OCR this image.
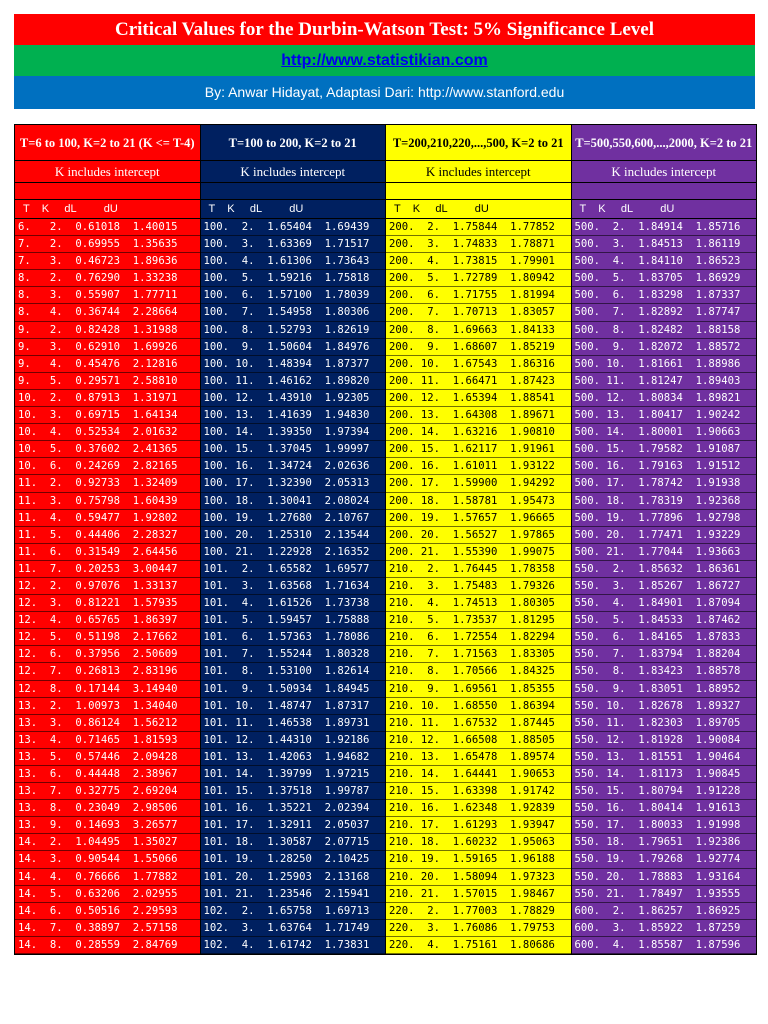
Critical Values for the Durbin-Watson Test: 5% Significance Level
http://www.statistikian.com
By: Anwar Hidayat, Adaptasi Dari: http://www.stanford.edu
T=6 to 100, K=2 to 21 (K <= T-4)
K includes intercept
T    K     dL         dU
6.   2.  0.61018  1.40015
7.   2.  0.69955  1.35635
7.   3.  0.46723  1.89636
8.   2.  0.76290  1.33238
8.   3.  0.55907  1.77711
8.   4.  0.36744  2.28664
9.   2.  0.82428  1.31988
9.   3.  0.62910  1.69926
9.   4.  0.45476  2.12816
9.   5.  0.29571  2.58810
10.  2.  0.87913  1.31971
10.  3.  0.69715  1.64134
10.  4.  0.52534  2.01632
10.  5.  0.37602  2.41365
10.  6.  0.24269  2.82165
11.  2.  0.92733  1.32409
11.  3.  0.75798  1.60439
11.  4.  0.59477  1.92802
11.  5.  0.44406  2.28327
11.  6.  0.31549  2.64456
11.  7.  0.20253  3.00447
12.  2.  0.97076  1.33137
12.  3.  0.81221  1.57935
12.  4.  0.65765  1.86397
12.  5.  0.51198  2.17662
12.  6.  0.37956  2.50609
12.  7.  0.26813  2.83196
12.  8.  0.17144  3.14940
13.  2.  1.00973  1.34040
13.  3.  0.86124  1.56212
13.  4.  0.71465  1.81593
13.  5.  0.57446  2.09428
13.  6.  0.44448  2.38967
13.  7.  0.32775  2.69204
13.  8.  0.23049  2.98506
13.  9.  0.14693  3.26577
14.  2.  1.04495  1.35027
14.  3.  0.90544  1.55066
14.  4.  0.76666  1.77882
14.  5.  0.63206  2.02955
14.  6.  0.50516  2.29593
14.  7.  0.38897  2.57158
14.  8.  0.28559  2.84769
T=100 to 200, K=2 to 21
K includes intercept
T    K     dL         dU
100.  2.  1.65404  1.69439
100.  3.  1.63369  1.71517
100.  4.  1.61306  1.73643
100.  5.  1.59216  1.75818
100.  6.  1.57100  1.78039
100.  7.  1.54958  1.80306
100.  8.  1.52793  1.82619
100.  9.  1.50604  1.84976
100. 10.  1.48394  1.87377
100. 11.  1.46162  1.89820
100. 12.  1.43910  1.92305
100. 13.  1.41639  1.94830
100. 14.  1.39350  1.97394
100. 15.  1.37045  1.99997
100. 16.  1.34724  2.02636
100. 17.  1.32390  2.05313
100. 18.  1.30041  2.08024
100. 19.  1.27680  2.10767
100. 20.  1.25310  2.13544
100. 21.  1.22928  2.16352
101.  2.  1.65582  1.69577
101.  3.  1.63568  1.71634
101.  4.  1.61526  1.73738
101.  5.  1.59457  1.75888
101.  6.  1.57363  1.78086
101.  7.  1.55244  1.80328
101.  8.  1.53100  1.82614
101.  9.  1.50934  1.84945
101. 10.  1.48747  1.87317
101. 11.  1.46538  1.89731
101. 12.  1.44310  1.92186
101. 13.  1.42063  1.94682
101. 14.  1.39799  1.97215
101. 15.  1.37518  1.99787
101. 16.  1.35221  2.02394
101. 17.  1.32911  2.05037
101. 18.  1.30587  2.07715
101. 19.  1.28250  2.10425
101. 20.  1.25903  2.13168
101. 21.  1.23546  2.15941
102.  2.  1.65758  1.69713
102.  3.  1.63764  1.71749
102.  4.  1.61742  1.73831
T=200,210,220,...,500, K=2 to 21
K includes intercept
T    K     dL         dU
200.  2.  1.75844  1.77852
200.  3.  1.74833  1.78871
200.  4.  1.73815  1.79901
200.  5.  1.72789  1.80942
200.  6.  1.71755  1.81994
200.  7.  1.70713  1.83057
200.  8.  1.69663  1.84133
200.  9.  1.68607  1.85219
200. 10.  1.67543  1.86316
200. 11.  1.66471  1.87423
200. 12.  1.65394  1.88541
200. 13.  1.64308  1.89671
200. 14.  1.63216  1.90810
200. 15.  1.62117  1.91961
200. 16.  1.61011  1.93122
200. 17.  1.59900  1.94292
200. 18.  1.58781  1.95473
200. 19.  1.57657  1.96665
200. 20.  1.56527  1.97865
200. 21.  1.55390  1.99075
210.  2.  1.76445  1.78358
210.  3.  1.75483  1.79326
210.  4.  1.74513  1.80305
210.  5.  1.73537  1.81295
210.  6.  1.72554  1.82294
210.  7.  1.71563  1.83305
210.  8.  1.70566  1.84325
210.  9.  1.69561  1.85355
210. 10.  1.68550  1.86394
210. 11.  1.67532  1.87445
210. 12.  1.66508  1.88505
210. 13.  1.65478  1.89574
210. 14.  1.64441  1.90653
210. 15.  1.63398  1.91742
210. 16.  1.62348  1.92839
210. 17.  1.61293  1.93947
210. 18.  1.60232  1.95063
210. 19.  1.59165  1.96188
210. 20.  1.58094  1.97323
210. 21.  1.57015  1.98467
220.  2.  1.77003  1.78829
220.  3.  1.76086  1.79753
220.  4.  1.75161  1.80686
T=500,550,600,...,2000, K=2 to 21
K includes intercept
T    K     dL         dU
500.  2.  1.84914  1.85716
500.  3.  1.84513  1.86119
500.  4.  1.84110  1.86523
500.  5.  1.83705  1.86929
500.  6.  1.83298  1.87337
500.  7.  1.82892  1.87747
500.  8.  1.82482  1.88158
500.  9.  1.82072  1.88572
500. 10.  1.81661  1.88986
500. 11.  1.81247  1.89403
500. 12.  1.80834  1.89821
500. 13.  1.80417  1.90242
500. 14.  1.80001  1.90663
500. 15.  1.79582  1.91087
500. 16.  1.79163  1.91512
500. 17.  1.78742  1.91938
500. 18.  1.78319  1.92368
500. 19.  1.77896  1.92798
500. 20.  1.77471  1.93229
500. 21.  1.77044  1.93663
550.  2.  1.85632  1.86361
550.  3.  1.85267  1.86727
550.  4.  1.84901  1.87094
550.  5.  1.84533  1.87462
550.  6.  1.84165  1.87833
550.  7.  1.83794  1.88204
550.  8.  1.83423  1.88578
550.  9.  1.83051  1.88952
550. 10.  1.82678  1.89327
550. 11.  1.82303  1.89705
550. 12.  1.81928  1.90084
550. 13.  1.81551  1.90464
550. 14.  1.81173  1.90845
550. 15.  1.80794  1.91228
550. 16.  1.80414  1.91613
550. 17.  1.80033  1.91998
550. 18.  1.79651  1.92386
550. 19.  1.79268  1.92774
550. 20.  1.78883  1.93164
550. 21.  1.78497  1.93555
600.  2.  1.86257  1.86925
600.  3.  1.85922  1.87259
600.  4.  1.85587  1.87596
